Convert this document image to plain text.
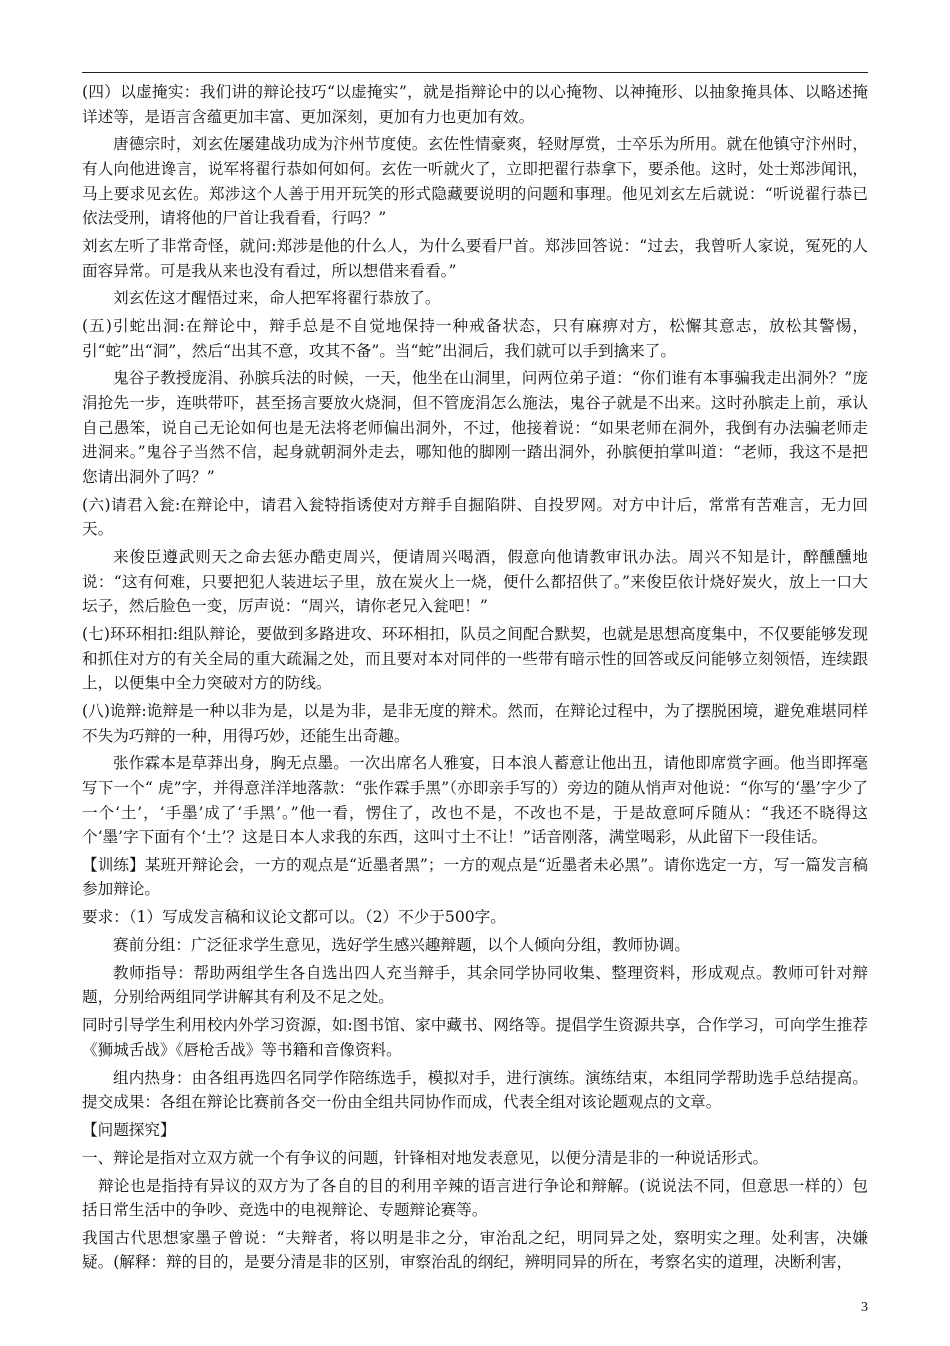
(四）以虚掩实：我们讲的辩论技巧“以虚掩实”，就是指辩论中的以心掩物、以神掩形、以抽象掩具体、以略述掩详述等，是语言含蕴更加丰富、更加深刻，更加有力也更加有效。

唐德宗时，刘玄佐屡建战功成为汴州节度使。玄佐性情豪爽，轻财厚赏，士卒乐为所用。就在他镇守汴州时，有人向他进谗言，说军将翟行恭如何如何。玄佐一听就火了，立即把翟行恭拿下，要杀他。这时，处士郑涉闻讯，马上要求见玄佐。郑涉这个人善于用开玩笑的形式隐藏要说明的问题和事理。他见刘玄左后就说：“听说翟行恭已依法受刑，请将他的尸首让我看看，行吗？”

刘玄左听了非常奇怪，就问:郑涉是他的什么人，为什么要看尸首。郑涉回答说：“过去，我曾听人家说，冤死的人面容异常。可是我从来也没有看过，所以想借来看看。”

刘玄佐这才醒悟过来，命人把军将翟行恭放了。

(五)引蛇出洞:在辩论中，辩手总是不自觉地保持一种戒备状态，只有麻痹对方，松懈其意志，放松其警惕，引“蛇”出“洞”，然后“出其不意，攻其不备”。当“蛇”出洞后，我们就可以手到擒来了。

鬼谷子教授庞涓、孙膑兵法的时候，一天，他坐在山洞里，问两位弟子道：“你们谁有本事骗我走出洞外？”庞涓抢先一步，连哄带吓，甚至扬言要放火烧洞，但不管庞涓怎么施法，鬼谷子就是不出来。这时孙膑走上前，承认自己愚笨，说自己无论如何也是无法将老师偏出洞外，不过，他接着说：“如果老师在洞外，我倒有办法骗老师走进洞来。”鬼谷子当然不信，起身就朝洞外走去，哪知他的脚刚一踏出洞外，孙膑便拍掌叫道：“老师，我这不是把您请出洞外了吗？”

(六)请君入瓮:在辩论中，请君入瓮特指诱使对方辩手自掘陷阱、自投罗网。对方中计后，常常有苦难言，无力回天。

来俊臣遵武则天之命去惩办酷吏周兴，便请周兴喝酒，假意向他请教审讯办法。周兴不知是计，醉醺醺地说：“这有何难，只要把犯人装进坛子里，放在炭火上一烧，便什么都招供了。”来俊臣依计烧好炭火，放上一口大坛子，然后脸色一变，厉声说：“周兴，请你老兄入瓮吧！”

(七)环环相扣:组队辩论，要做到多路进攻、环环相扣，队员之间配合默契，也就是思想高度集中，不仅要能够发现和抓住对方的有关全局的重大疏漏之处，而且要对本对同伴的一些带有暗示性的回答或反问能够立刻领悟，连续跟上，以便集中全力突破对方的防线。

(八)诡辩:诡辩是一种以非为是，以是为非，是非无度的辩术。然而，在辩论过程中，为了摆脱困境，避免难堪同样不失为巧辩的一种，用得巧妙，还能生出奇趣。

张作霖本是草莽出身，胸无点墨。一次出席名人雅宴，日本浪人蓄意让他出丑，请他即席赏字画。他当即挥毫写下一个“ 虎”字，并得意洋洋地落款：“张作霖手黑”（亦即亲手写的）旁边的随从悄声对他说：“你写的‘墨’字少了一个‘土’，‘手墨’成了‘手黑’。”他一看，愣住了，改也不是，不改也不是，于是故意呵斥随从：“我还不晓得这个‘墨’字下面有个‘土’？这是日本人求我的东西，这叫寸土不让！”话音刚落，满堂喝彩，从此留下一段佳话。

【训练】某班开辩论会，一方的观点是“近墨者黑”；一方的观点是“近墨者未必黑”。请你选定一方，写一篇发言稿参加辩论。

要求：（1）写成发言稿和议论文都可以。（2）不少于500字。

赛前分组：广泛征求学生意见，选好学生感兴趣辩题，以个人倾向分组，教师协调。

教师指导：帮助两组学生各自选出四人充当辩手，其余同学协同收集、整理资料，形成观点。教师可针对辩题，分别给两组同学讲解其有利及不足之处。

同时引导学生利用校内外学习资源，如:图书馆、家中藏书、网络等。提倡学生资源共享，合作学习，可向学生推荐《狮城舌战》《唇枪舌战》等书籍和音像资料。

组内热身：由各组再选四名同学作陪练选手，模拟对手，进行演练。演练结束，本组同学帮助选手总结提高。提交成果：各组在辩论比赛前各交一份由全组共同协作而成，代表全组对该论题观点的文章。

【问题探究】

一、辩论是指对立双方就一个有争议的问题，针锋相对地发表意见，以便分清是非的一种说话形式。

辩论也是指持有异议的双方为了各自的目的利用辛辣的语言进行争论和辩解。(说说法不同，但意思一样的）包括日常生活中的争吵、竞选中的电视辩论、专题辩论赛等。

我国古代思想家墨子曾说：“夫辩者，将以明是非之分，审治乱之纪，明同异之处，察明实之理。处利害，决嫌疑。(解释：辩的目的，是要分清是非的区别，审察治乱的纲纪，辨明同异的所在，考察名实的道理，决断利害，

3
